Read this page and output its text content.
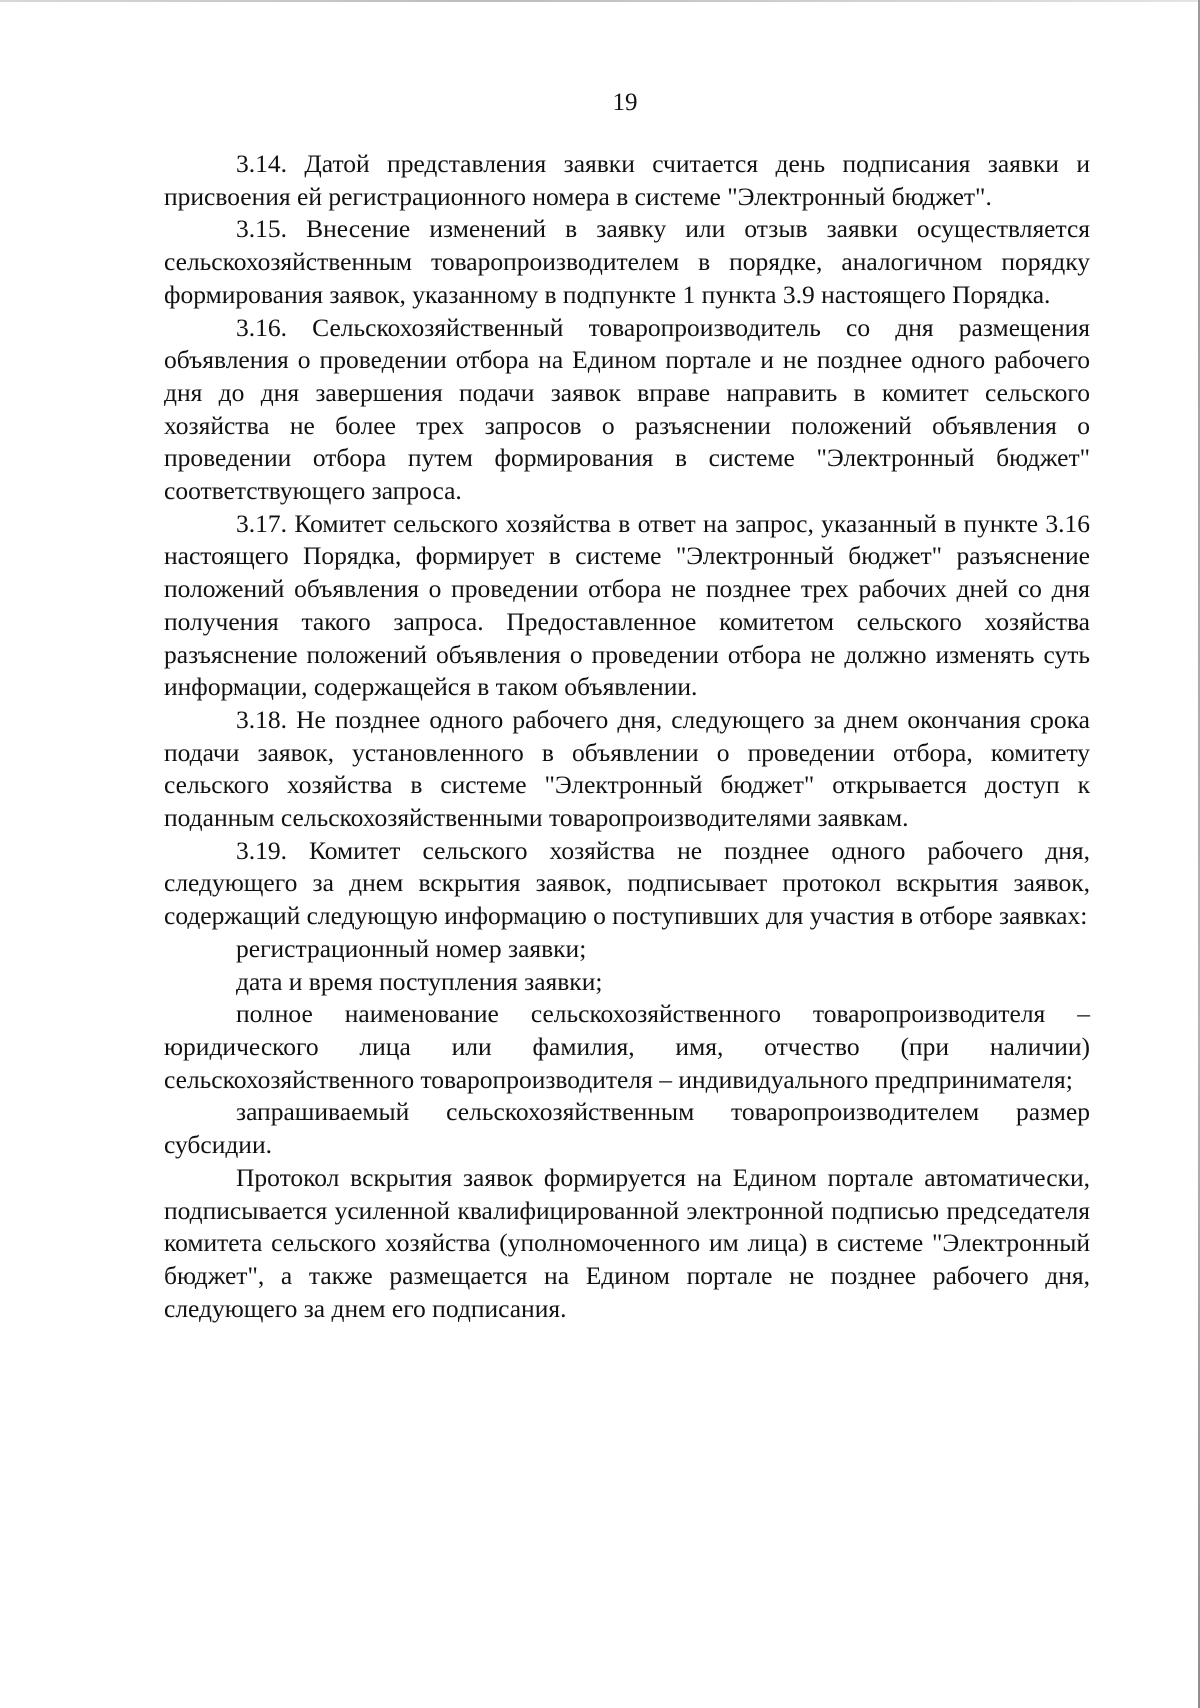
19

3.14. Датой представления заявки считается день подписания заявки и присвоения ей регистрационного номера в системе "Электронный бюджет".

3.15. Внесение изменений в заявку или отзыв заявки осуществляется сельскохозяйственным товаропроизводителем в порядке, аналогичном порядку формирования заявок, указанному в подпункте 1 пункта 3.9 настоящего Порядка.

3.16. Сельскохозяйственный товаропроизводитель со дня размещения объявления о проведении отбора на Едином портале и не позднее одного рабочего дня до дня завершения подачи заявок вправе направить в комитет сельского хозяйства не более трех запросов о разъяснении положений объявления о проведении отбора путем формирования в системе "Электронный бюджет" соответствующего запроса.

3.17. Комитет сельского хозяйства в ответ на запрос, указанный в пункте 3.16 настоящего Порядка, формирует в системе "Электронный бюджет" разъяснение положений объявления о проведении отбора не позднее трех рабочих дней со дня получения такого запроса. Предоставленное комитетом сельского хозяйства разъяснение положений объявления о проведении отбора не должно изменять суть информации, содержащейся в таком объявлении.

3.18. Не позднее одного рабочего дня, следующего за днем окончания срока подачи заявок, установленного в объявлении о проведении отбора, комитету сельского хозяйства в системе "Электронный бюджет" открывается доступ к поданным сельскохозяйственными товаропроизводителями заявкам.

3.19. Комитет сельского хозяйства не позднее одного рабочего дня, следующего за днем вскрытия заявок, подписывает протокол вскрытия заявок, содержащий следующую информацию о поступивших для участия в отборе заявках:

регистрационный номер заявки;

дата и время поступления заявки;

полное наименование сельскохозяйственного товаропроизводителя – юридического лица или фамилия, имя, отчество (при наличии) сельскохозяйственного товаропроизводителя – индивидуального предпринимателя;

запрашиваемый сельскохозяйственным товаропроизводителем размер субсидии.

Протокол вскрытия заявок формируется на Едином портале автоматически, подписывается усиленной квалифицированной электронной подписью председателя комитета сельского хозяйства (уполномоченного им лица) в системе "Электронный бюджет", а также размещается на Едином портале не позднее рабочего дня, следующего за днем его подписания.
